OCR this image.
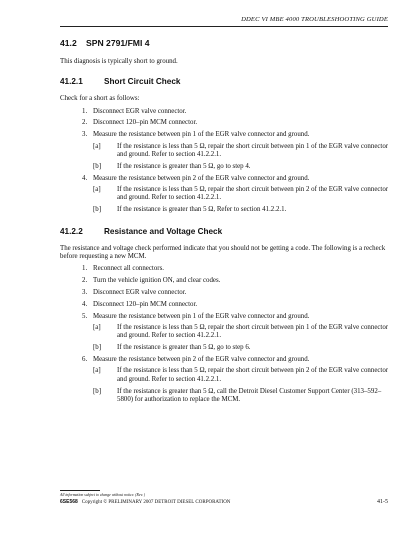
DDEC VI MBE 4000 TROUBLESHOOTING GUIDE
41.2 SPN 2791/FMI 4

This diagnosis is typically short to ground.

41.2.1	Short Circuit Check

Check for a short as follows:

1. Disconnect EGR valve connector.
2. Disconnect 120–pin MCM connector.
3. Measure the resistance between pin 1 of the EGR valve connector and ground.
[a] If the resistance is less than 5 Ω, repair the short circuit between pin 1 of the EGR valve connector and ground. Refer to section 41.2.2.1.
[b] If the resistance is greater than 5 Ω, go to step 4.
4. Measure the resistance between pin 2 of the EGR valve connector and ground.
[a] If the resistance is less than 5 Ω, repair the short circuit between pin 2 of the EGR valve connector and ground. Refer to section 41.2.2.1.
[b] If the resistance is greater than 5 Ω, Refer to section 41.2.2.1.
41.2.2	Resistance and Voltage Check

The resistance and voltage check performed indicate that you should not be getting a code. The following is a recheck before requesting a new MCM.

1. Reconnect all connectors.
2. Turn the vehicle ignition ON, and clear codes.
3. Disconnect EGR valve connector.
4. Disconnect 120–pin MCM connector.
5. Measure the resistance between pin 1 of the EGR valve connector and ground.
[a] If the resistance is less than 5 Ω, repair the short circuit between pin 1 of the EGR valve connector and ground. Refer to section 41.2.2.1.
[b] If the resistance is greater than 5 Ω, go to step 6.
6. Measure the resistance between pin 2 of the EGR valve connector and ground.
[a] If the resistance is less than 5 Ω, repair the short circuit between pin 2 of the EGR valve connector and ground. Refer to section 41.2.2.1.
[b] If the resistance is greater than 5 Ω, call the Detroit Diesel Customer Support Center (313–592–5800) for authorization to replace the MCM.
All information subject to change without notice. (Rev. )
6SE568 Copyright © PRELIMINARY 2007 DETROIT DIESEL CORPORATION	41-5
